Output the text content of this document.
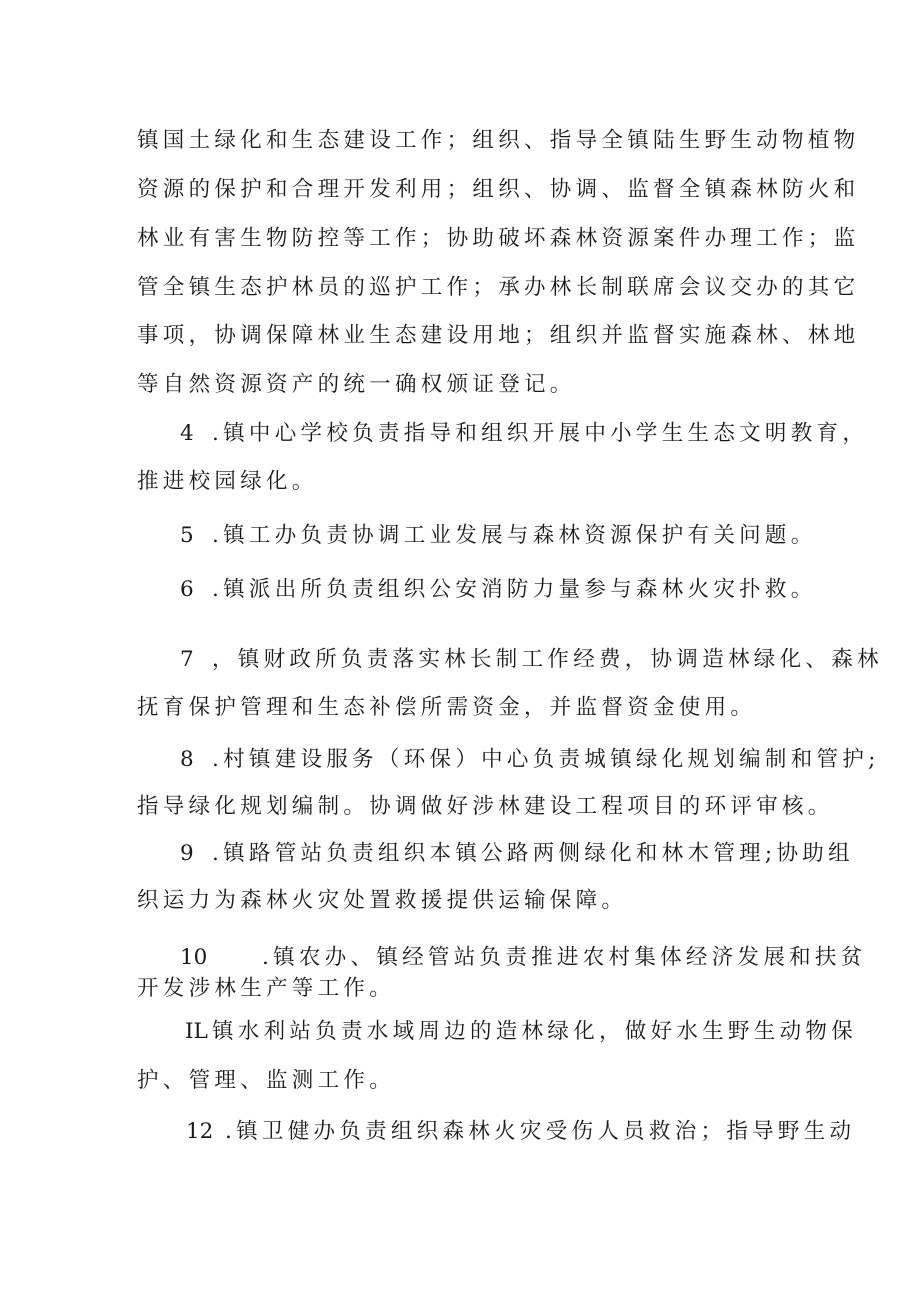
镇国土绿化和生态建设工作；组织、指导全镇陆生野生动物植物
资源的保护和合理开发利用；组织、协调、监督全镇森林防火和
林业有害生物防控等工作；协助破坏森林资源案件办理工作；监
管全镇生态护林员的巡护工作；承办林长制联席会议交办的其它
事项，协调保障林业生态建设用地；组织并监督实施森林、林地
等自然资源资产的统一确权颁证登记。
4 .镇中心学校负责指导和组织开展中小学生生态文明教育，
推进校园绿化。
5 .镇工办负责协调工业发展与森林资源保护有关问题。
6 .镇派出所负责组织公安消防力量参与森林火灾扑救。
7 ，镇财政所负责落实林长制工作经费，协调造林绿化、森林
抚育保护管理和生态补偿所需资金，并监督资金使用。
8 .村镇建设服务（环保）中心负责城镇绿化规划编制和管护;
指导绿化规划编制。协调做好涉林建设工程项目的环评审核。
9 .镇路管站负责组织本镇公路两侧绿化和林木管理;协助组
织运力为森林火灾处置救援提供运输保障。
10	.镇农办、镇经管站负责推进农村集体经济发展和扶贫
开发涉林生产等工作。
IL 镇水利站负责水域周边的造林绿化，做好水生野生动物保
护、管理、监测工作。
12 .镇卫健办负责组织森林火灾受伤人员救治；指导野生动
